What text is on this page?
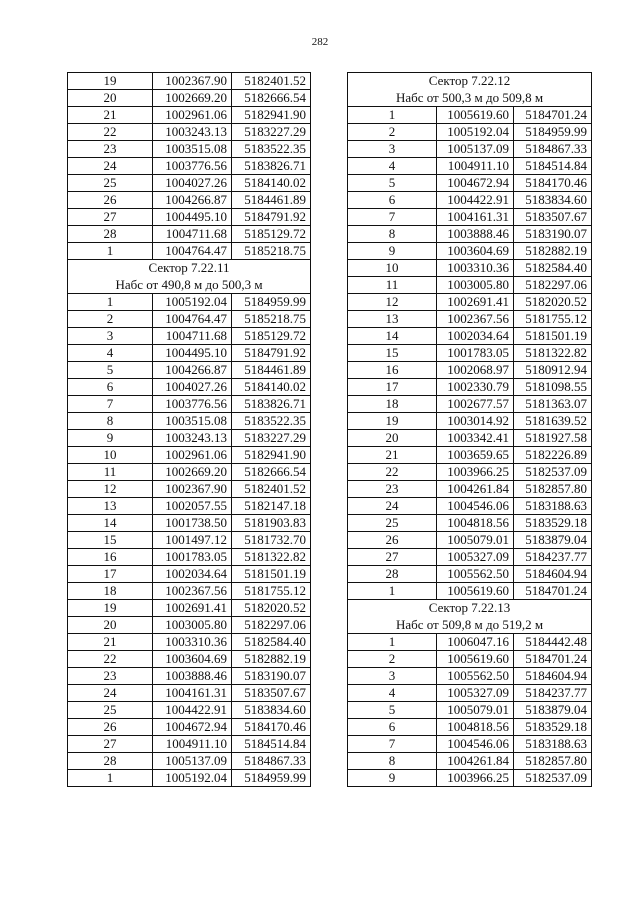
282
19	1002367.90	5182401.52
20	1002669.20	5182666.54
21	1002961.06	5182941.90
22	1003243.13	5183227.29
23	1003515.08	5183522.35
24	1003776.56	5183826.71
25	1004027.26	5184140.02
26	1004266.87	5184461.89
27	1004495.10	5184791.92
28	1004711.68	5185129.72
1	1004764.47	5185218.75
Сектор 7.22.11		
Набс от 490,8 м до 500,3 м		
1	1005192.04	5184959.99
2	1004764.47	5185218.75
3	1004711.68	5185129.72
4	1004495.10	5184791.92
5	1004266.87	5184461.89
6	1004027.26	5184140.02
7	1003776.56	5183826.71
8	1003515.08	5183522.35
9	1003243.13	5183227.29
10	1002961.06	5182941.90
11	1002669.20	5182666.54
12	1002367.90	5182401.52
13	1002057.55	5182147.18
14	1001738.50	5181903.83
15	1001497.12	5181732.70
16	1001783.05	5181322.82
17	1002034.64	5181501.19
18	1002367.56	5181755.12
19	1002691.41	5182020.52
20	1003005.80	5182297.06
21	1003310.36	5182584.40
22	1003604.69	5182882.19
23	1003888.46	5183190.07
24	1004161.31	5183507.67
25	1004422.91	5183834.60
26	1004672.94	5184170.46
27	1004911.10	5184514.84
28	1005137.09	5184867.33
1	1005192.04	5184959.99
Сектор 7.22.12		
Набс от 500,3 м до 509,8 м		
1	1005619.60	5184701.24
2	1005192.04	5184959.99
3	1005137.09	5184867.33
4	1004911.10	5184514.84
5	1004672.94	5184170.46
6	1004422.91	5183834.60
7	1004161.31	5183507.67
8	1003888.46	5183190.07
9	1003604.69	5182882.19
10	1003310.36	5182584.40
11	1003005.80	5182297.06
12	1002691.41	5182020.52
13	1002367.56	5181755.12
14	1002034.64	5181501.19
15	1001783.05	5181322.82
16	1002068.97	5180912.94
17	1002330.79	5181098.55
18	1002677.57	5181363.07
19	1003014.92	5181639.52
20	1003342.41	5181927.58
21	1003659.65	5182226.89
22	1003966.25	5182537.09
23	1004261.84	5182857.80
24	1004546.06	5183188.63
25	1004818.56	5183529.18
26	1005079.01	5183879.04
27	1005327.09	5184237.77
28	1005562.50	5184604.94
1	1005619.60	5184701.24
Сектор 7.22.13		
Набс от 509,8 м до 519,2 м		
1	1006047.16	5184442.48
2	1005619.60	5184701.24
3	1005562.50	5184604.94
4	1005327.09	5184237.77
5	1005079.01	5183879.04
6	1004818.56	5183529.18
7	1004546.06	5183188.63
8	1004261.84	5182857.80
9	1003966.25	5182537.09
